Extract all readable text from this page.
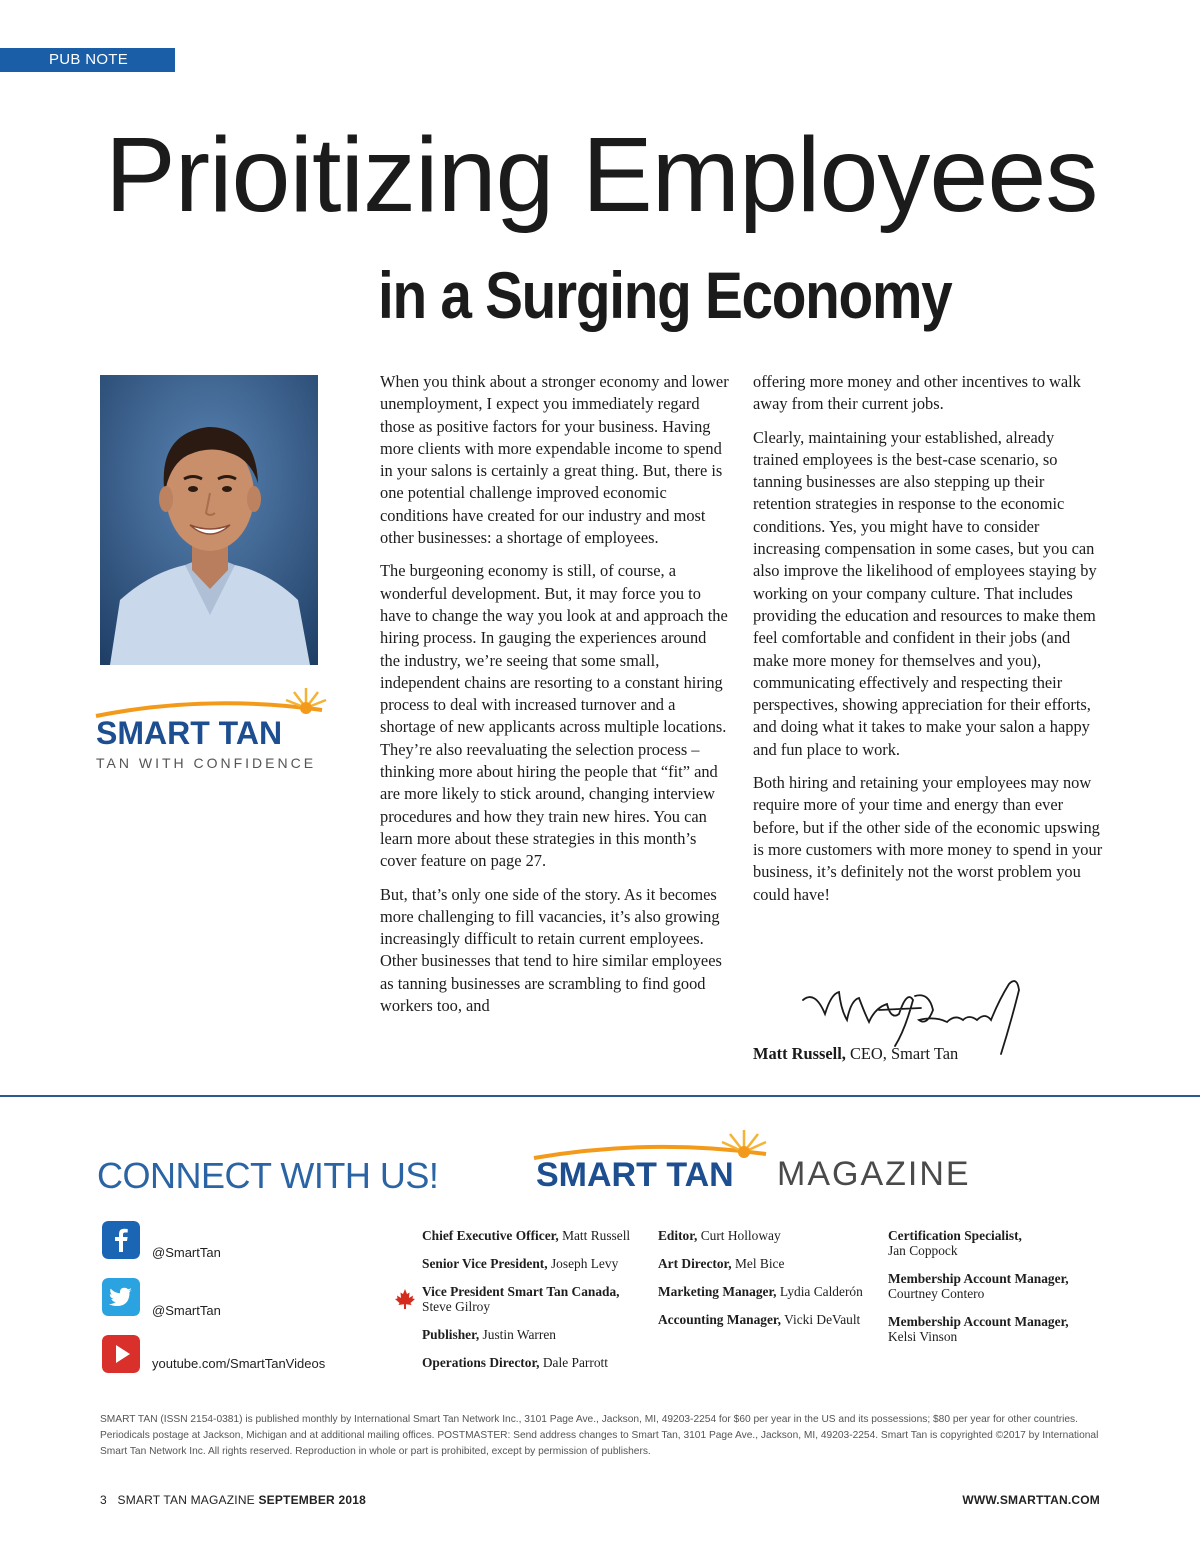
PUB NOTE
Prioitizing Employees
in a Surging Economy
SMART TAN
TAN WITH CONFIDENCE

When you think about a stronger economy and lower unemployment, I expect you immediately regard those as positive factors for your business. Having more clients with more expendable income to spend in your salons is certainly a great thing. But, there is one potential challenge improved economic conditions have created for our industry and most other businesses: a shortage of employees.

The burgeoning economy is still, of course, a wonderful development. But, it may force you to have to change the way you look at and approach the hiring process. In gauging the experiences around the industry, we’re seeing that some small, independent chains are resorting to a constant hiring process to deal with increased turnover and a shortage of new applicants across multiple locations. They’re also reevaluating the selection process – thinking more about hiring the people that “fit” and are more likely to stick around, changing interview procedures and how they train new hires. You can learn more about these strategies in this month’s cover feature on page 27.

But, that’s only one side of the story. As it becomes more challenging to fill vacancies, it’s also growing increasingly difficult to retain current employees. Other businesses that tend to hire similar employees as tanning businesses are scrambling to find good workers too, and

offering more money and other incentives to walk away from their current jobs.

Clearly, maintaining your established, already trained employees is the best-case scenario, so tanning businesses are also stepping up their retention strategies in response to the economic conditions. Yes, you might have to consider increasing compensation in some cases, but you can also improve the likelihood of employees staying by working on your company culture. That includes providing the education and resources to make them feel comfortable and confident in their jobs (and make more money for themselves and you), communicating effectively and respecting their perspectives, showing appreciation for their efforts, and doing what it takes to make your salon a happy and fun place to work.

Both hiring and retaining your employees may now require more of your time and energy than ever before, but if the other side of the economic upswing is more customers with more money to spend in your business, it’s definitely not the worst problem you could have!

Matt Russell, CEO, Smart Tan
CONNECT WITH US!	SMART TAN MAGAZINE
@SmartTan
@SmartTan
youtube.com/SmartTanVideos
Chief Executive Officer, Matt Russell
Senior Vice President, Joseph Levy
Vice President Smart Tan Canada,
Steve Gilroy
Publisher, Justin Warren
Operations Director, Dale Parrott
Editor, Curt Holloway
Art Director, Mel Bice
Marketing Manager, Lydia Calderón
Accounting Manager, Vicki DeVault
Certification Specialist,
Jan Coppock
Membership Account Manager,
Courtney Contero
Membership Account Manager,
Kelsi Vinson
SMART TAN (ISSN 2154-0381) is published monthly by International Smart Tan Network Inc., 3101 Page Ave., Jackson, MI, 49203-2254 for $60 per year in the US and its possessions; $80 per year for other countries. Periodicals postage at Jackson, Michigan and at additional mailing offices. POSTMASTER: Send address changes to Smart Tan, 3101 Page Ave., Jackson, MI, 49203-2254. Smart Tan is copyrighted ©2017 by International Smart Tan Network Inc. All rights reserved. Reproduction in whole or part is prohibited, except by permission of publishers.
3 SMART TAN MAGAZINE SEPTEMBER 2018	WWW.SMARTTAN.COM
